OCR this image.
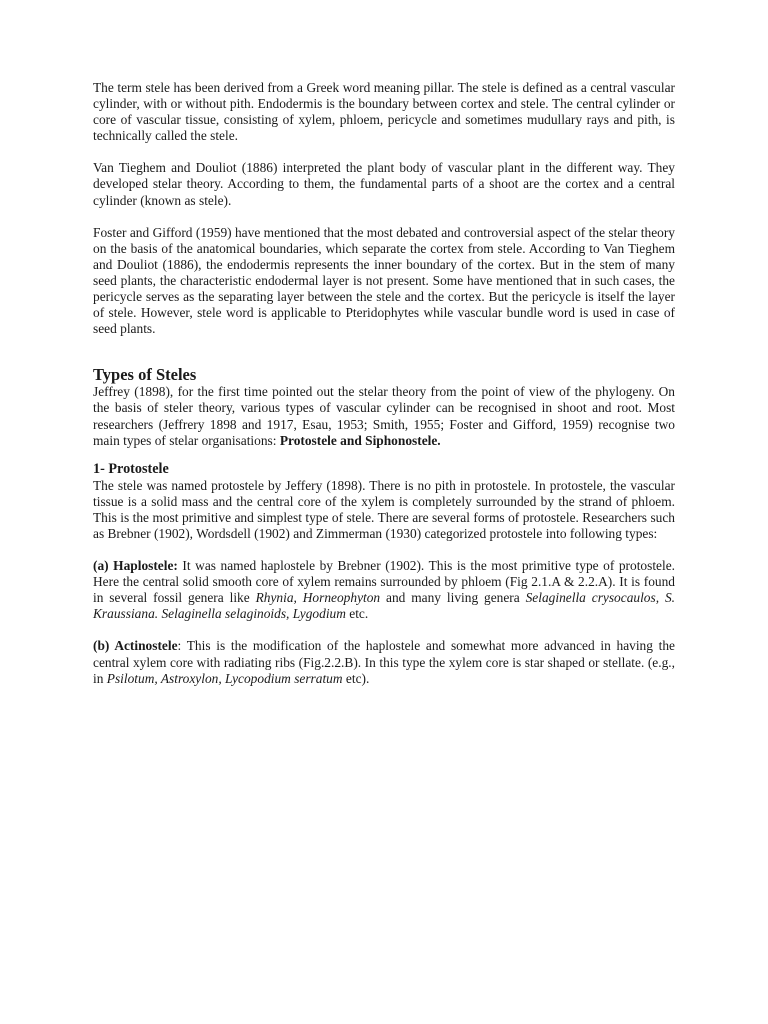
The term stele has been derived from a Greek word meaning pillar. The stele is defined as a central vascular cylinder, with or without pith. Endodermis is the boundary between cortex and stele. The central cylinder or core of vascular tissue, consisting of xylem, phloem, pericycle and sometimes mudullary rays and pith, is technically called the stele.

Van Tieghem and Douliot (1886) interpreted the plant body of vascular plant in the different way. They developed stelar theory. According to them, the fundamental parts of a shoot are the cortex and a central cylinder (known as stele).

Foster and Gifford (1959) have mentioned that the most debated and controversial aspect of the stelar theory on the basis of the anatomical boundaries, which separate the cortex from stele. According to Van Tieghem and Douliot (1886), the endodermis represents the inner boundary of the cortex. But in the stem of many seed plants, the characteristic endodermal layer is not present. Some have mentioned that in such cases, the pericycle serves as the separating layer between the stele and the cortex. But the pericycle is itself the layer of stele. However, stele word is applicable to Pteridophytes while vascular bundle word is used in case of seed plants.

Types of Steles

Jeffrey (1898), for the first time pointed out the stelar theory from the point of view of the phylogeny. On the basis of steler theory, various types of vascular cylinder can be recognised in shoot and root. Most researchers (Jeffrery 1898 and 1917, Esau, 1953; Smith, 1955; Foster and Gifford, 1959) recognise two main types of stelar organisations: Protostele and Siphonostele.

1- Protostele

The stele was named protostele by Jeffery (1898). There is no pith in protostele. In protostele, the vascular tissue is a solid mass and the central core of the xylem is completely surrounded by the strand of phloem. This is the most primitive and simplest type of stele. There are several forms of protostele. Researchers such as Brebner (1902), Wordsdell (1902) and Zimmerman (1930) categorized protostele into following types:

(a) Haplostele: It was named haplostele by Brebner (1902). This is the most primitive type of protostele. Here the central solid smooth core of xylem remains surrounded by phloem (Fig 2.1.A & 2.2.A). It is found in several fossil genera like Rhynia, Horneophyton and many living genera Selaginella crysocaulos, S. Kraussiana. Selaginella selaginoids, Lygodium etc.

(b) Actinostele: This is the modification of the haplostele and somewhat more advanced in having the central xylem core with radiating ribs (Fig.2.2.B). In this type the xylem core is star shaped or stellate. (e.g., in Psilotum, Astroxylon, Lycopodium serratum etc).
